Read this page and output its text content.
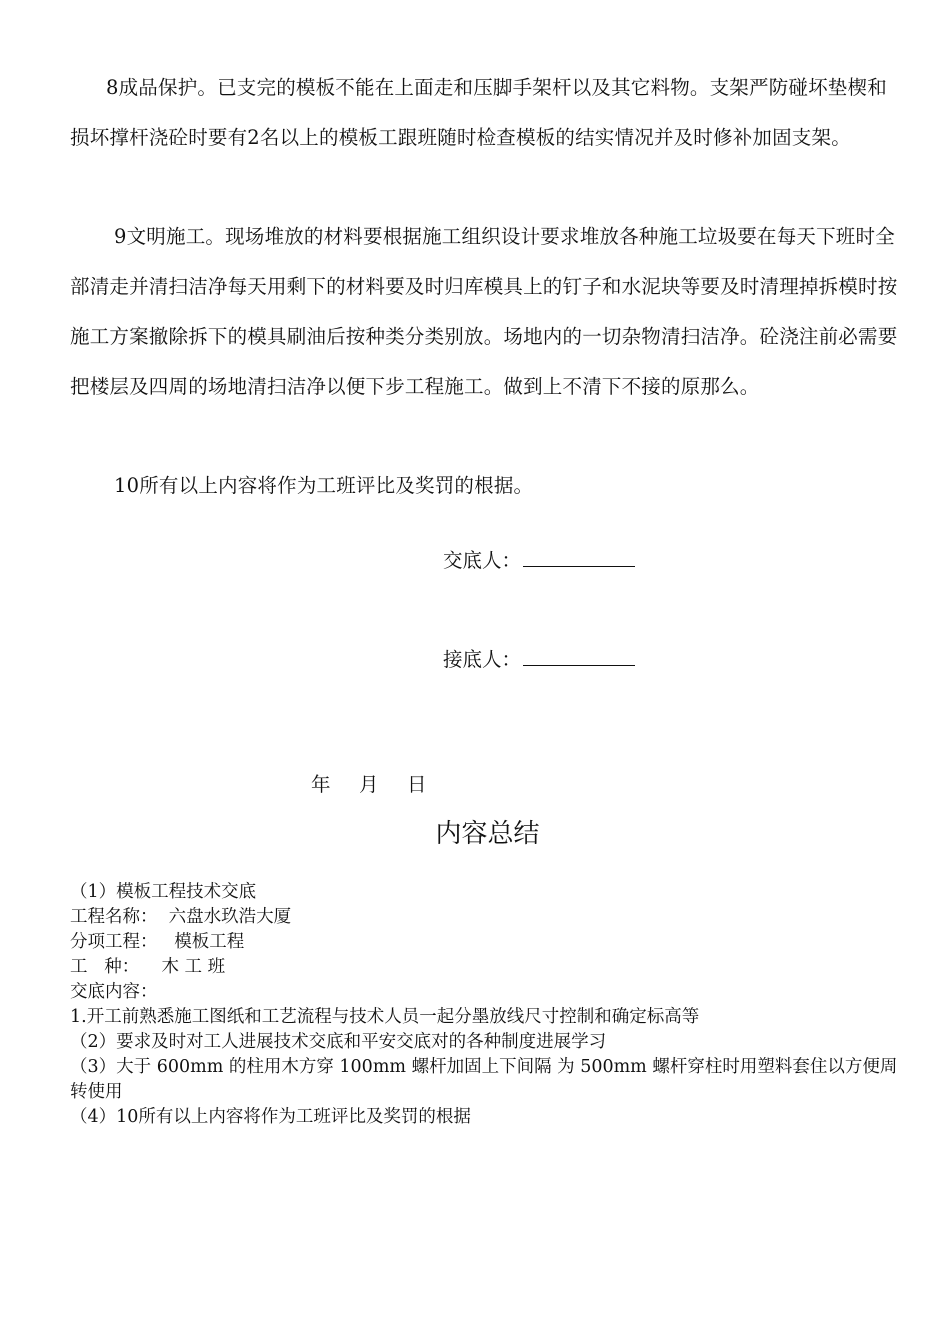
8成品保护。已支完的模板不能在上面走和压脚手架杆以及其它料物。支架严防碰坏垫楔和损坏撑杆浇砼时要有2名以上的模板工跟班随时检查模板的结实情况并及时修补加固支架。

9文明施工。现场堆放的材料要根据施工组织设计要求堆放各种施工垃圾要在每天下班时全部清走并清扫洁净每天用剩下的材料要及时归库模具上的钉子和水泥块等要及时清理掉拆模时按施工方案撤除拆下的模具刷油后按种类分类别放。场地内的一切杂物清扫洁净。砼浇注前必需要把楼层及四周的场地清扫洁净以便下步工程施工。做到上不清下不接的原那么。

10所有以上内容将作为工班评比及奖罚的根据。

交底人：
接底人：
年 月 日
内容总结

（1）模板工程技术交底

工程名称：  六盘水玖浩大厦

分项工程：   模板工程

工   种：    木 工 班

交底内容：

1.开工前熟悉施工图纸和工艺流程与技术人员一起分墨放线尺寸控制和确定标高等

（2）要求及时对工人进展技术交底和平安交底对的各种制度进展学习

（3）大于 600mm 的柱用木方穿 100mm 螺杆加固上下间隔 为 500mm 螺杆穿柱时用塑料套住以方便周转使用

（4）10所有以上内容将作为工班评比及奖罚的根据
